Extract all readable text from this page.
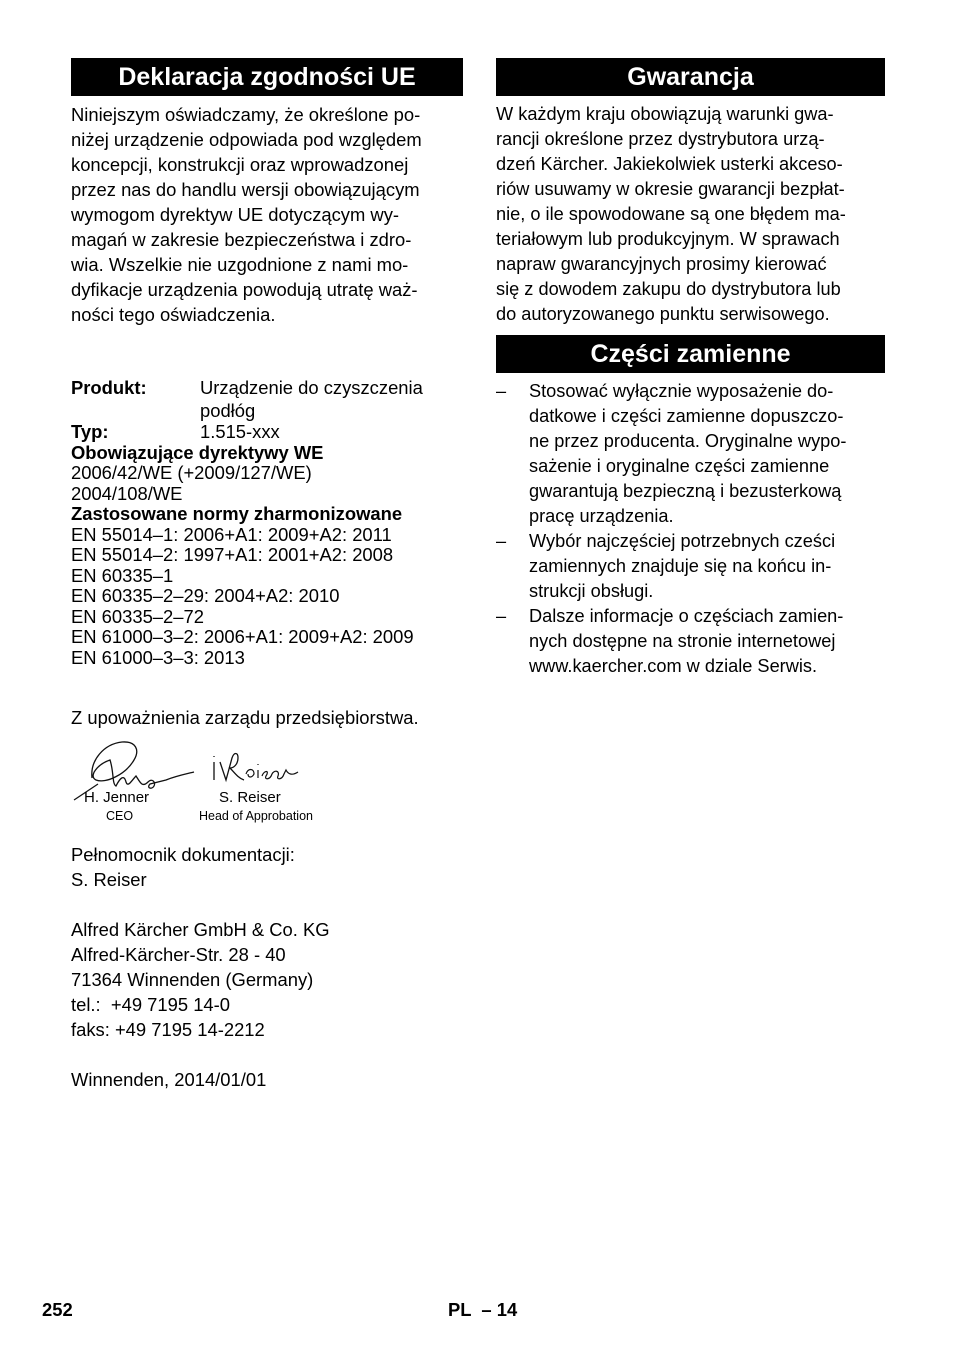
Deklaracja zgodności UE
Niniejszym oświadczamy, że określone po-
niżej urządzenie odpowiada pod względem
koncepcji, konstrukcji oraz wprowadzonej
przez nas do handlu wersji obowiązującym
wymogom dyrektyw UE dotyczącym wy-
magań w zakresie bezpieczeństwa i zdro-
wia. Wszelkie nie uzgodnione z nami mo-
dyfikacje urządzenia powodują utratę waż-
ności tego oświadczenia.
Produkt:	Urządzenie do czyszczenia
podłóg
Typ:	1.515-xxx
Obowiązujące dyrektywy WE
2006/42/WE (+2009/127/WE)
2004/108/WE
Zastosowane normy zharmonizowane
EN 55014–1: 2006+A1: 2009+A2: 2011
EN 55014–2: 1997+A1: 2001+A2: 2008
EN 60335–1
EN 60335–2–29: 2004+A2: 2010
EN 60335–2–72
EN 61000–3–2: 2006+A1: 2009+A2: 2009
EN 61000–3–3: 2013
Z upoważnienia zarządu przedsiębiorstwa.
H. Jenner
CEO
S. Reiser
Head of Approbation
Pełnomocnik dokumentacji:
S. Reiser
Alfred Kärcher GmbH & Co. KG
Alfred-Kärcher-Str. 28 - 40
71364 Winnenden (Germany)
tel.:  +49 7195 14-0
faks: +49 7195 14-2212
Winnenden, 2014/01/01
Gwarancja
W każdym kraju obowiązują warunki gwa-
rancji określone przez dystrybutora urzą-
dzeń Kärcher. Jakiekolwiek usterki akceso-
riów usuwamy w okresie gwarancji bezpłat-
nie, o ile spowodowane są one błędem ma-
teriałowym lub produkcyjnym. W sprawach
napraw gwarancyjnych prosimy kierować
się z dowodem zakupu do dystrybutora lub
do autoryzowanego punktu serwisowego.
Części zamienne
– Stosować wyłącznie wyposażenie do-
datkowe i części zamienne dopuszczo-
ne przez producenta. Oryginalne wypo-
sażenie i oryginalne części zamienne
gwarantują bezpieczną i bezusterkową
pracę urządzenia.
– Wybór najczęściej potrzebnych cześci
zamiennych znajduje się na końcu in-
strukcji obsługi.
– Dalsze informacje o częściach zamien-
nych dostępne na stronie internetowej
www.kaercher.com w dziale Serwis.
252	PL  – 14
